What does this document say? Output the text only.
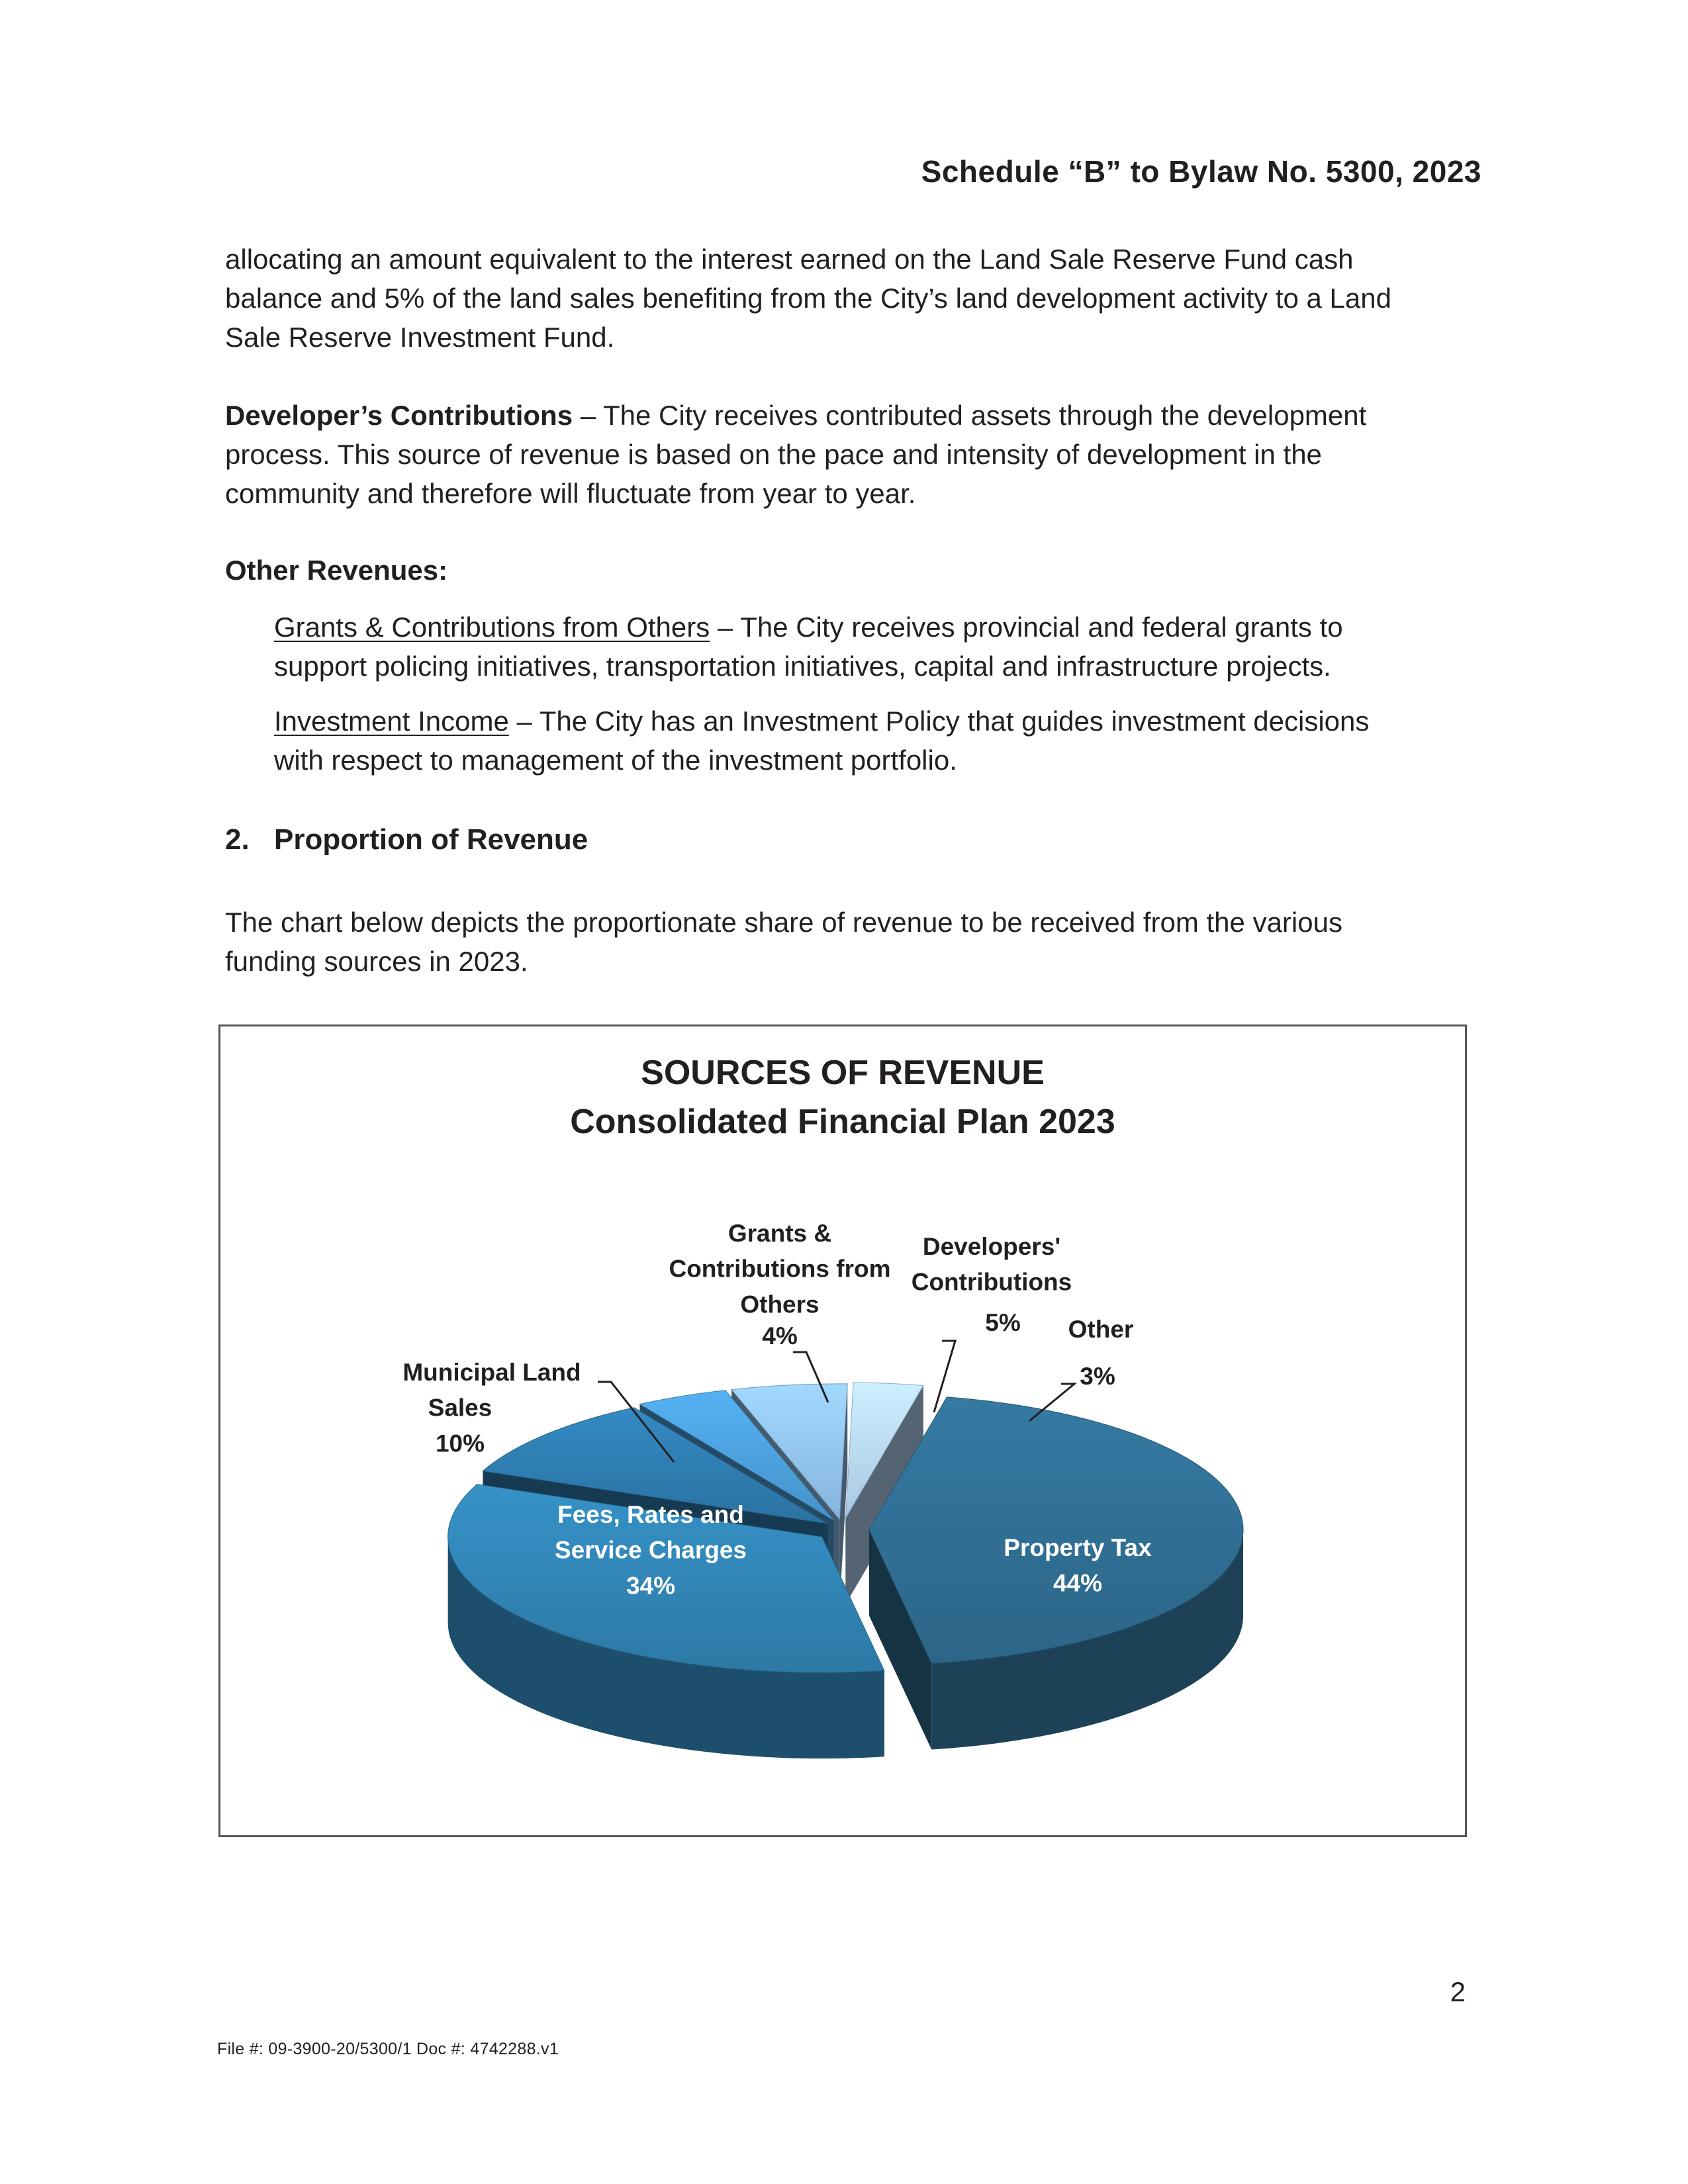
Schedule “B” to Bylaw No. 5300, 2023
allocating an amount equivalent to the interest earned on the Land Sale Reserve Fund cash
balance and 5% of the land sales benefiting from the City’s land development activity to a Land
Sale Reserve Investment Fund.
Developer’s Contributions – The City receives contributed assets through the development
process. This source of revenue is based on the pace and intensity of development in the
community and therefore will fluctuate from year to year.
Other Revenues:
Grants & Contributions from Others – The City receives provincial and federal grants to
support policing initiatives, transportation initiatives, capital and infrastructure projects.
Investment Income – The City has an Investment Policy that guides investment decisions
with respect to management of the investment portfolio.
2. Proportion of Revenue
The chart below depicts the proportionate share of revenue to be received from the various
funding sources in 2023.
SOURCES OF REVENUE
Consolidated Financial Plan 2023
Property Tax
44%
Fees, Rates and
Service Charges
34%
Municipal Land
Sales
10%
Grants &
Contributions from
Others
4%
Developers'
Contributions
5% Other
3%
2
File #: 09-3900-20/5300/1 Doc #: 4742288.v1
